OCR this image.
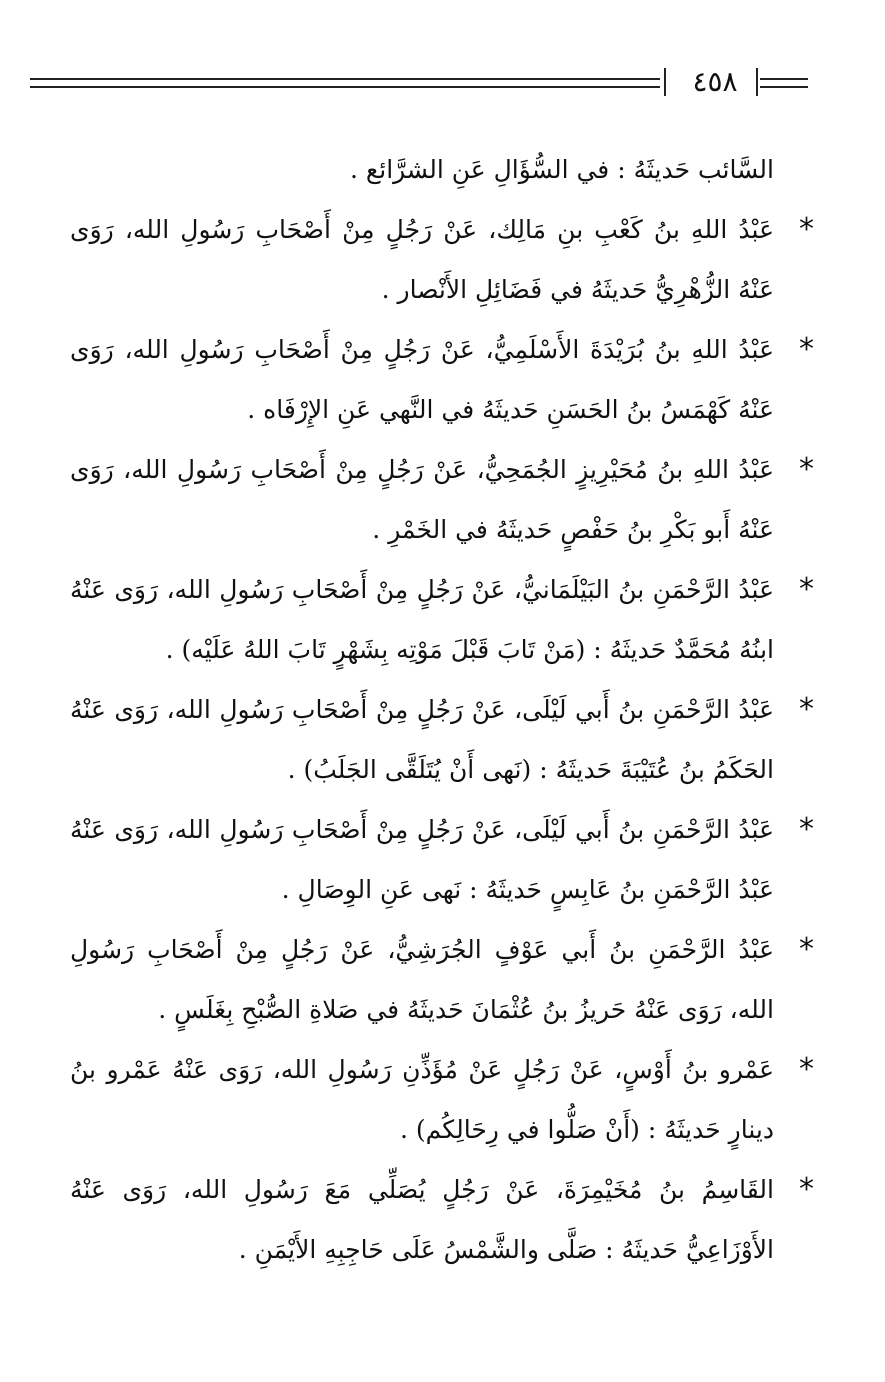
٤٥٨

السَّائب حَديثَهُ : في السُّؤَالِ عَنِ الشرَّائع .

*
عَبْدُ اللهِ بنُ كَعْبِ بنِ مَالِك، عَنْ رَجُلٍ مِنْ أَصْحَابِ رَسُولِ الله، رَوَى عَنْهُ الزُّهْرِيُّ حَديثَهُ في فَضَائِلِ الأَنْصار .

*
عَبْدُ اللهِ بنُ بُرَيْدَةَ الأَسْلَمِيُّ، عَنْ رَجُلٍ مِنْ أَصْحَابِ رَسُولِ الله، رَوَى عَنْهُ كَهْمَسُ بنُ الحَسَنِ حَديثَهُ في النَّهي عَنِ الإِرْفَاه .

*
عَبْدُ اللهِ بنُ مُحَيْرِيزٍ الجُمَحِيُّ، عَنْ رَجُلٍ مِنْ أَصْحَابِ رَسُولِ الله، رَوَى عَنْهُ أَبو بَكْرِ بنُ حَفْصٍ حَديثَهُ في الخَمْرِ .

*
عَبْدُ الرَّحْمَنِ بنُ البَيْلَمَانيُّ، عَنْ رَجُلٍ مِنْ أَصْحَابِ رَسُولِ الله، رَوَى عَنْهُ ابنُهُ مُحَمَّدٌ حَديثَهُ : (مَنْ تَابَ قَبْلَ مَوْتِه بِشَهْرٍ تَابَ اللهُ عَلَيْه) .

*
عَبْدُ الرَّحْمَنِ بنُ أَبي لَيْلَى، عَنْ رَجُلٍ مِنْ أَصْحَابِ رَسُولِ الله، رَوَى عَنْهُ الحَكَمُ بنُ عُتَيْبَةَ حَديثَهُ : (نَهى أَنْ يُتَلَقَّى الجَلَبُ) .

*
عَبْدُ الرَّحْمَنِ بنُ أَبي لَيْلَى، عَنْ رَجُلٍ مِنْ أَصْحَابِ رَسُولِ الله، رَوَى عَنْهُ عَبْدُ الرَّحْمَنِ بنُ عَابِسٍ حَديثَهُ : نَهى عَنِ الوِصَالِ .

*
عَبْدُ الرَّحْمَنِ بنُ أَبي عَوْفٍ الجُرَشِيُّ، عَنْ رَجُلٍ مِنْ أَصْحَابِ رَسُولِ الله، رَوَى عَنْهُ حَريزُ بنُ عُثْمَانَ حَديثَهُ في صَلاةِ الصُّبْحِ بِغَلَسٍ .

*
عَمْرو بنُ أَوْسٍ، عَنْ رَجُلٍ عَنْ مُؤَذِّنِ رَسُولِ الله، رَوَى عَنْهُ عَمْرو بنُ دينارٍ حَديثَهُ : (أَنْ صَلُّوا في رِحَالِكُم) .

*
القَاسِمُ بنُ مُخَيْمِرَةَ، عَنْ رَجُلٍ يُصَلِّي مَعَ رَسُولِ الله، رَوَى عَنْهُ الأَوْزَاعِيُّ حَديثَهُ : صَلَّى والشَّمْسُ عَلَى حَاجِبِهِ الأَيْمَنِ .
